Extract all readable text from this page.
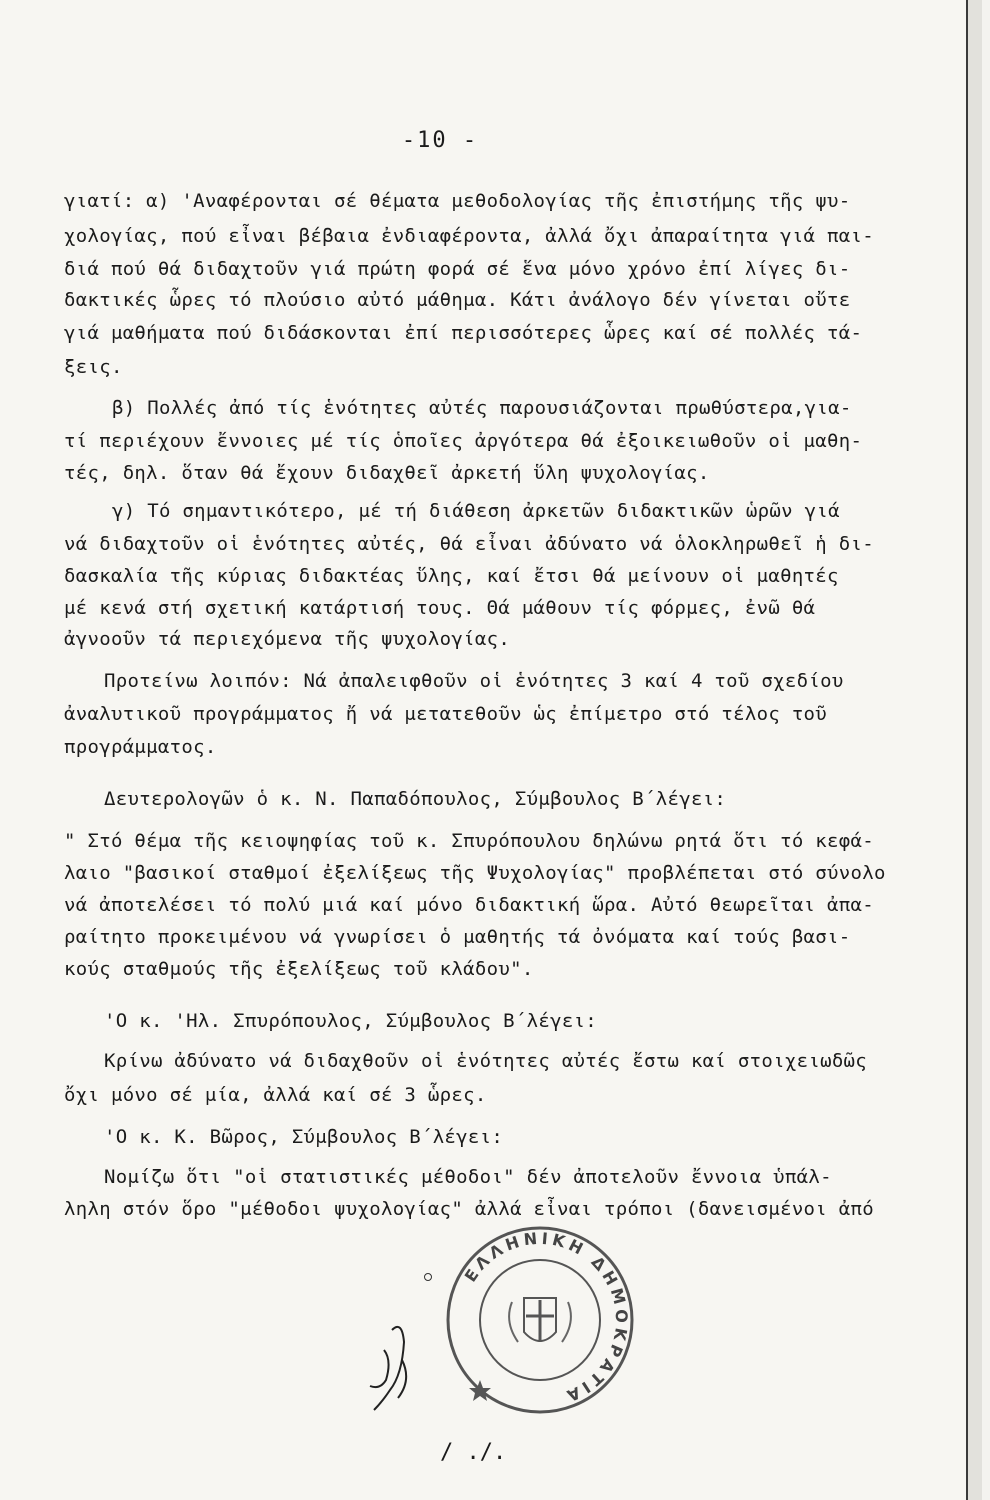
-10 -
γιατί: α) 'Αναφέρονται σέ θέματα μεθοδολογίας τῆς ἐπιστήμης τῆς ψυ-
χολογίας, πού εἶναι βέβαια ἐνδιαφέροντα, ἀλλά ὄχι ἀπαραίτητα γιά παι-
διά πού θά διδαχτοῦν γιά πρώτη φορά σέ ἕνα μόνο χρόνο ἐπί λίγες δι-
δακτικές ὧρες τό πλούσιο αὐτό μάθημα. Κάτι ἀνάλογο δέν γίνεται οὔτε
γιά μαθήματα πού διδάσκονται ἐπί περισσότερες ὧρες καί σέ πολλές τά-
ξεις.
β) Πολλές ἀπό τίς ἑνότητες αὐτές παρουσιάζονται πρωθύστερα,για-
τί περιέχουν ἔννοιες μέ τίς ὁποῖες ἀργότερα θά ἐξοικειωθοῦν οἱ μαθη-
τές, δηλ. ὅταν θά ἔχουν διδαχθεῖ ἀρκετή ὕλη ψυχολογίας.
γ) Τό σημαντικότερο, μέ τή διάθεση ἀρκετῶν διδακτικῶν ὡρῶν γιά
νά διδαχτοῦν οἱ ἑνότητες αὐτές, θά εἶναι ἀδύνατο νά ὁλοκληρωθεῖ ἡ δι-
δασκαλία τῆς κύριας διδακτέας ὕλης, καί ἔτσι θά μείνουν οἱ μαθητές
μέ κενά στή σχετική κατάρτισή τους. Θά μάθουν τίς φόρμες, ἐνῶ θά
ἀγνοοῦν τά περιεχόμενα τῆς ψυχολογίας.
Προτείνω λοιπόν: Νά ἀπαλειφθοῦν οἱ ἑνότητες 3 καί 4 τοῦ σχεδίου
ἀναλυτικοῦ προγράμματος ἤ νά μετατεθοῦν ὡς ἐπίμετρο στό τέλος τοῦ
προγράμματος.
Δευτερολογῶν ὁ κ. Ν. Παπαδόπουλος, Σύμβουλος Β΄λέγει:
" Στό θέμα τῆς κειοψηφίας τοῦ κ. Σπυρόπουλου δηλώνω ρητά ὅτι τό κεφά-
λαιο "βασικοί σταθμοί ἐξελίξεως τῆς Ψυχολογίας" προβλέπεται στό σύνολο
νά ἀποτελέσει τό πολύ μιά καί μόνο διδακτική ὥρα. Αὐτό θεωρεῖται ἀπα-
ραίτητο προκειμένου νά γνωρίσει ὁ μαθητής τά ὀνόματα καί τούς βασι-
κούς σταθμούς τῆς ἐξελίξεως τοῦ κλάδου".
'Ο κ. 'Ηλ. Σπυρόπουλος, Σύμβουλος Β΄λέγει:
Κρίνω ἀδύνατο νά διδαχθοῦν οἱ ἑνότητες αὐτές ἔστω καί στοιχειωδῶς
ὄχι μόνο σέ μία, ἀλλά καί σέ 3 ὧρες.
'Ο κ. Κ. Βῶρος, Σύμβουλος Β΄λέγει:
Νομίζω ὅτι "οἱ στατιστικές μέθοδοι" δέν ἀποτελοῦν ἔννοια ὑπάλ-
ληλη στόν ὅρο "μέθοδοι ψυχολογίας" ἀλλά εἶναι τρόποι (δανεισμένοι ἀπό
ΕΛΛΗΝΙΚΗ ΔΗΜΟΚΡΑΤΙΑ
/ ./.
